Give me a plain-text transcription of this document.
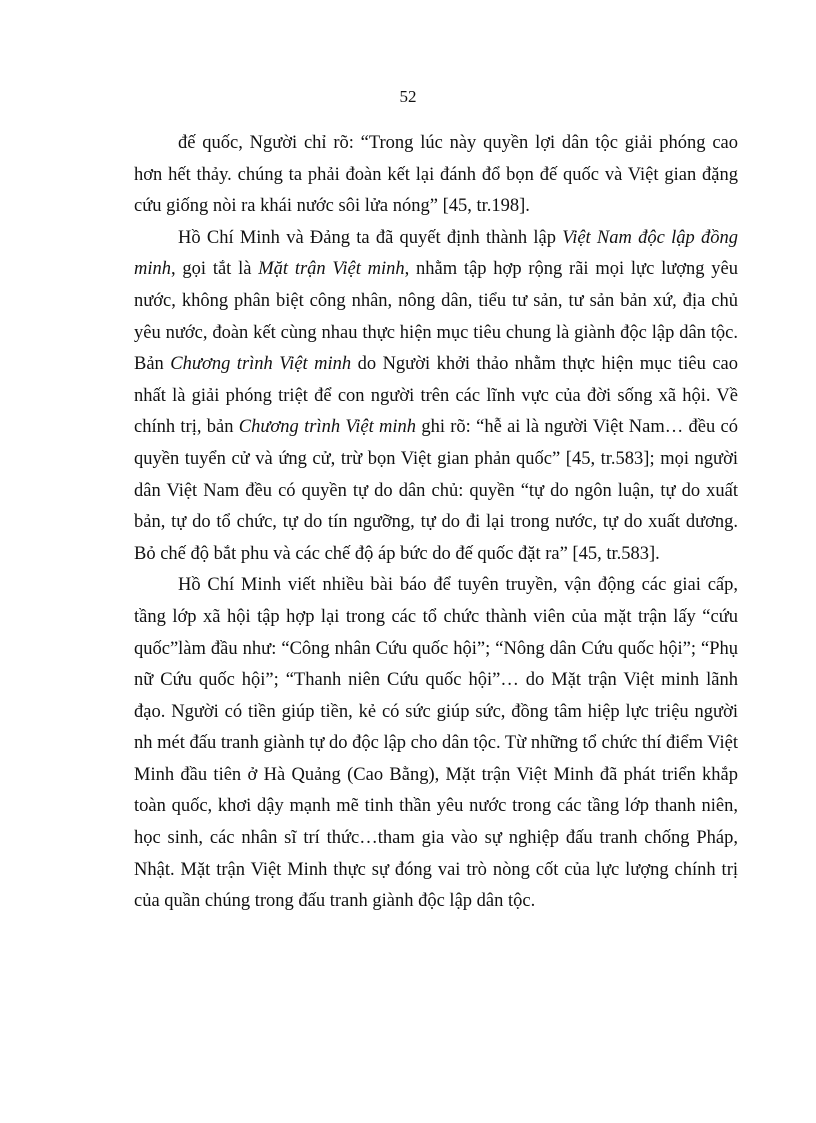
52

đế quốc, Người chỉ rõ: “Trong lúc này quyền lợi dân tộc giải phóng cao hơn hết thảy. chúng ta phải đoàn kết lại đánh đổ bọn đế quốc và Việt gian đặng cứu giống nòi ra khái nước sôi lửa nóng” [45, tr.198].

Hồ Chí Minh và Đảng ta đã quyết định thành lập Việt Nam độc lập đồng minh, gọi tắt là Mặt trận Việt minh, nhằm tập hợp rộng rãi mọi lực lượng yêu nước, không phân biệt công nhân, nông dân, tiểu tư sản, tư sản bản xứ, địa chủ yêu nước, đoàn kết cùng nhau thực hiện mục tiêu chung là giành độc lập dân tộc. Bản Chương trình Việt minh do Người khởi thảo nhằm thực hiện mục tiêu cao nhất là giải phóng triệt để con người trên các lĩnh vực của đời sống xã hội. Về chính trị, bản Chương trình Việt minh ghi rõ: “hễ ai là người Việt Nam… đều có quyền tuyển cử và ứng cử, trừ bọn Việt gian phản quốc” [45, tr.583]; mọi người dân Việt Nam đều có quyền tự do dân chủ: quyền “tự do ngôn luận, tự do xuất bản, tự do tổ chức, tự do tín ngưỡng, tự do đi lại trong nước, tự do xuất dương. Bỏ chế độ bắt phu và các chế độ áp bức do đế quốc đặt ra” [45, tr.583].

Hồ Chí Minh viết nhiều bài báo để tuyên truyền, vận động các giai cấp, tầng lớp xã hội tập hợp lại trong các tổ chức thành viên của mặt trận lấy “cứu quốc”làm đầu như: “Công nhân Cứu quốc hội”; “Nông dân Cứu quốc hội”; “Phụ nữ Cứu quốc hội”; “Thanh niên Cứu quốc hội”… do Mặt trận Việt minh lãnh đạo. Người có tiền giúp tiền, kẻ có sức giúp sức, đồng tâm hiệp lực triệu người nh mét đấu tranh giành tự do độc lập cho dân tộc. Từ những tổ chức thí điểm Việt Minh đầu tiên ở Hà Quảng (Cao Bằng), Mặt trận Việt Minh đã phát triển khắp toàn quốc, khơi dậy mạnh mẽ tinh thần yêu nước trong các tầng lớp thanh niên, học sinh, các nhân sĩ trí thức…tham gia vào sự nghiệp đấu tranh chống Pháp, Nhật. Mặt trận Việt Minh thực sự đóng vai trò nòng cốt của lực lượng chính trị của quần chúng trong đấu tranh giành độc lập dân tộc.
